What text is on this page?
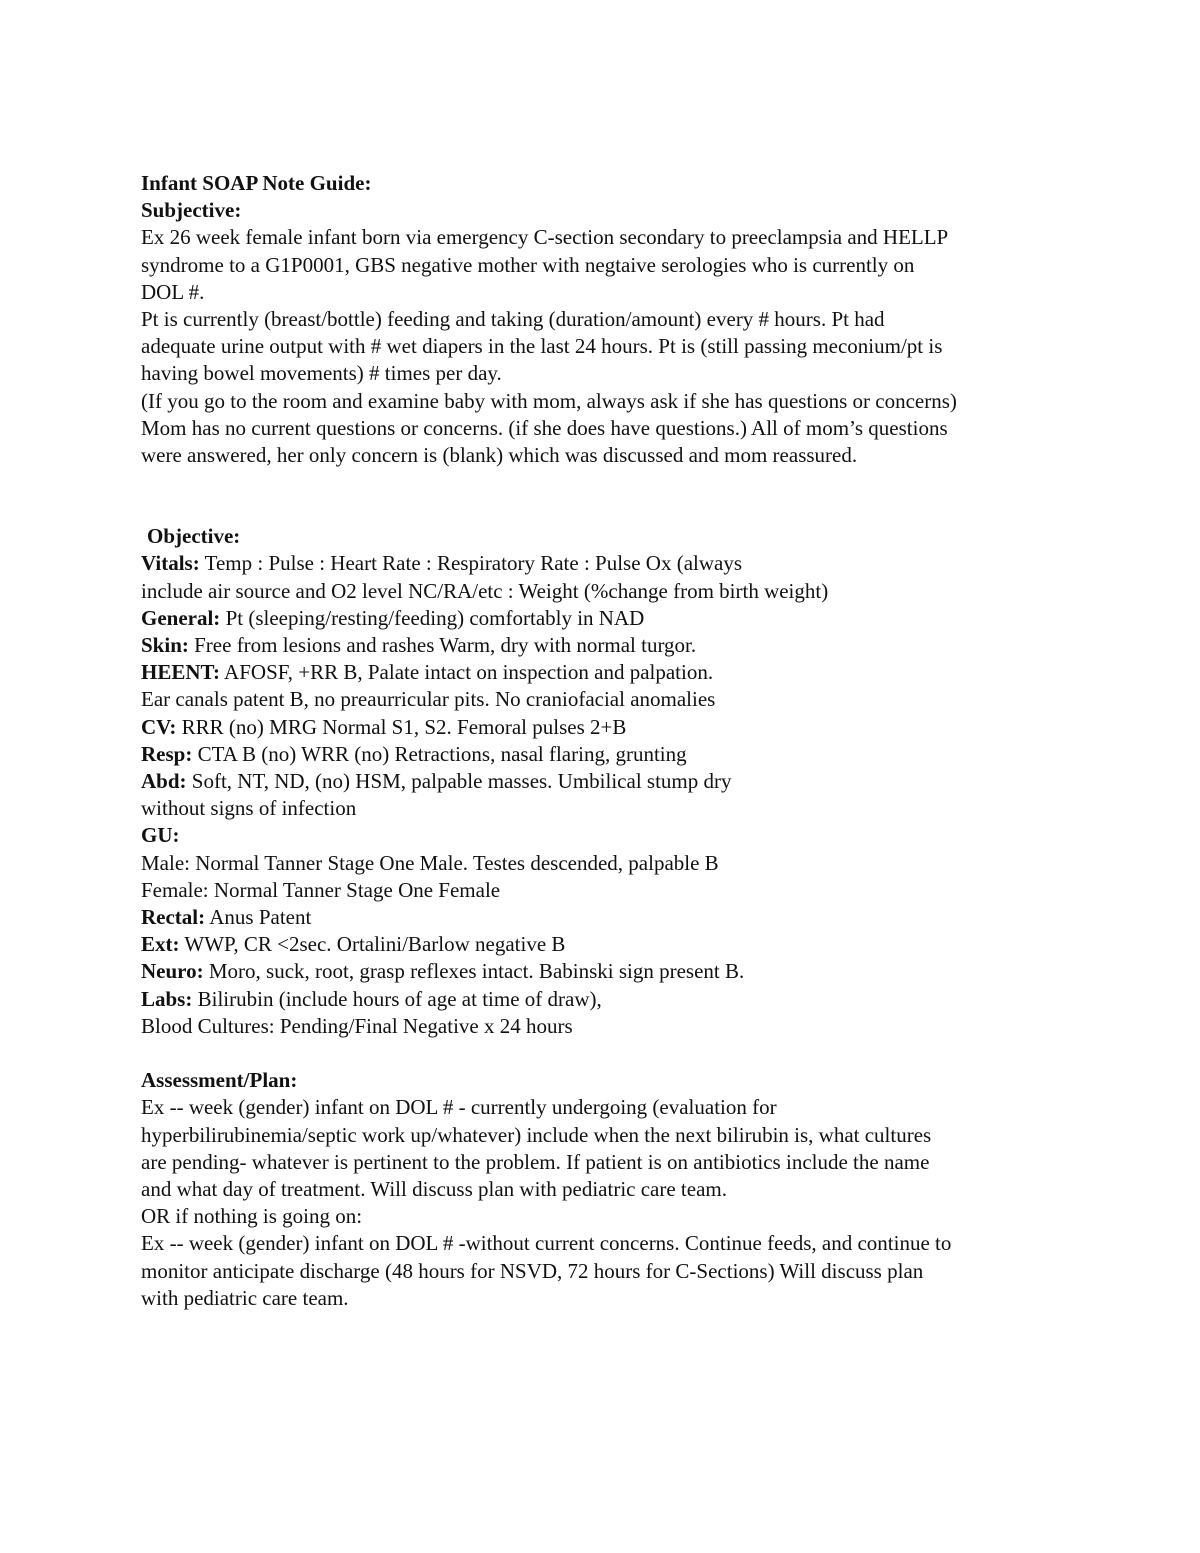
Infant SOAP Note Guide:
Subjective:
Ex 26 week female infant born via emergency C-section secondary to preeclampsia and HELLP
syndrome to a G1P0001, GBS negative mother with negtaive serologies who is currently on
DOL #.
Pt is currently (breast/bottle) feeding and taking (duration/amount) every # hours. Pt had
adequate urine output with # wet diapers in the last 24 hours. Pt is (still passing meconium/pt is
having bowel movements) # times per day.
(If you go to the room and examine baby with mom, always ask if she has questions or concerns)
Mom has no current questions or concerns. (if she does have questions.) All of mom’s questions
were answered, her only concern is (blank) which was discussed and mom reassured.
Objective:
Vitals: Temp : Pulse : Heart Rate : Respiratory Rate : Pulse Ox (always
include air source and O2 level NC/RA/etc : Weight (%change from birth weight)
General: Pt (sleeping/resting/feeding) comfortably in NAD
Skin: Free from lesions and rashes Warm, dry with normal turgor.
HEENT: AFOSF, +RR B, Palate intact on inspection and palpation.
Ear canals patent B, no preaurricular pits. No craniofacial anomalies
CV: RRR (no) MRG Normal S1, S2. Femoral pulses 2+B
Resp: CTA B (no) WRR (no) Retractions, nasal flaring, grunting
Abd: Soft, NT, ND, (no) HSM, palpable masses. Umbilical stump dry
without signs of infection
GU:
Male: Normal Tanner Stage One Male. Testes descended, palpable B
Female: Normal Tanner Stage One Female
Rectal: Anus Patent
Ext: WWP, CR <2sec. Ortalini/Barlow negative B
Neuro: Moro, suck, root, grasp reflexes intact. Babinski sign present B.
Labs: Bilirubin (include hours of age at time of draw),
Blood Cultures: Pending/Final Negative x 24 hours
Assessment/Plan:
Ex -- week (gender) infant on DOL # - currently undergoing (evaluation for
hyperbilirubinemia/septic work up/whatever) include when the next bilirubin is, what cultures
are pending- whatever is pertinent to the problem. If patient is on antibiotics include the name
and what day of treatment. Will discuss plan with pediatric care team.
OR if nothing is going on:
Ex -- week (gender) infant on DOL # -without current concerns. Continue feeds, and continue to
monitor anticipate discharge (48 hours for NSVD, 72 hours for C-Sections) Will discuss plan
with pediatric care team.
